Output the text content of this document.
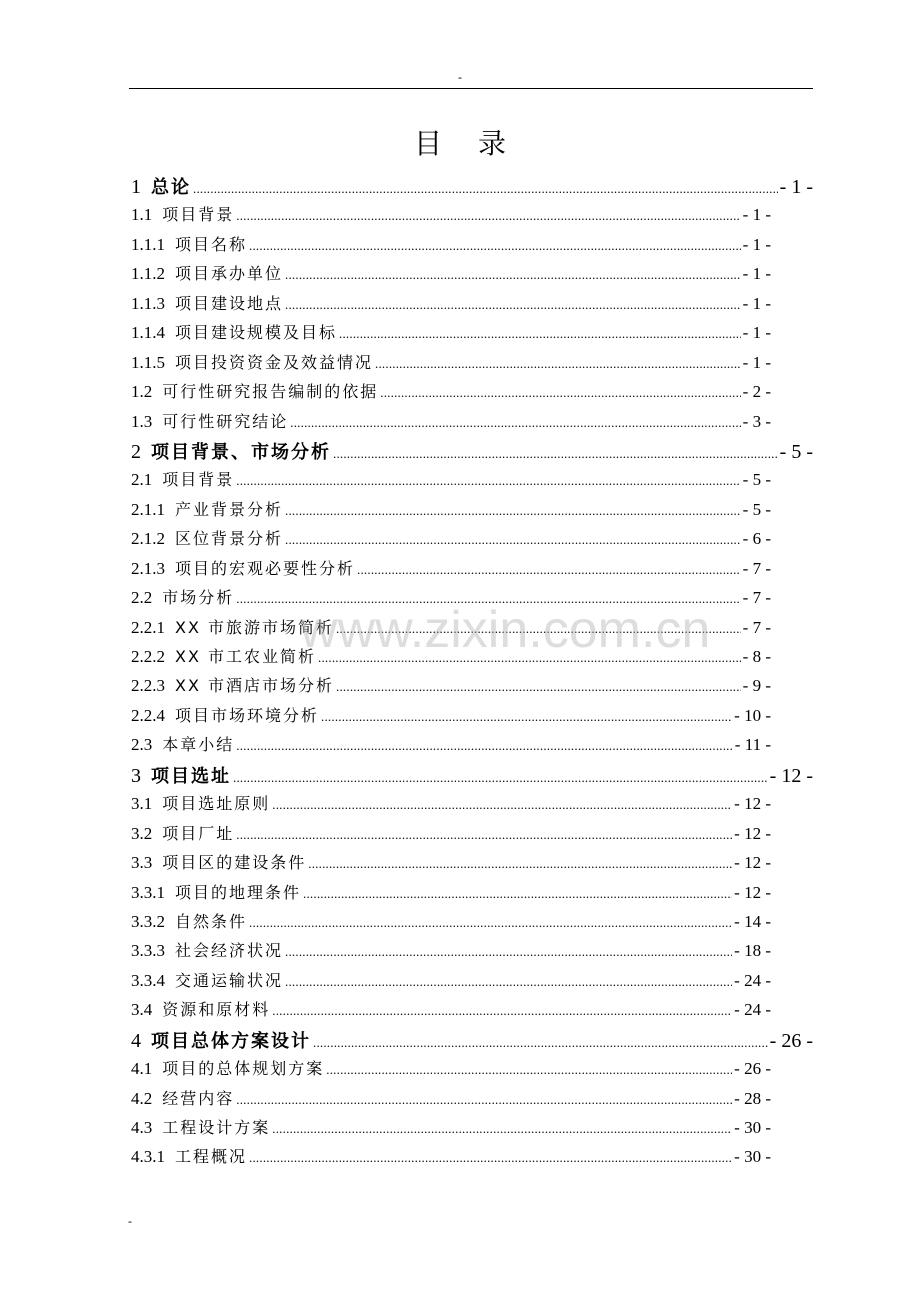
-
目 录
1 总论 .....	- 1 -
1.1 项目背景 .....	- 1 -
1.1.1 项目名称 .....	- 1 -
1.1.2 项目承办单位 .....	- 1 -
1.1.3 项目建设地点 .....	- 1 -
1.1.4 项目建设规模及目标 .....	- 1 -
1.1.5 项目投资资金及效益情况 .....	- 1 -
1.2 可行性研究报告编制的依据 .....	- 2 -
1.3 可行性研究结论 .....	- 3 -
2 项目背景、市场分析 .....	- 5 -
2.1 项目背景 .....	- 5 -
2.1.1 产业背景分析 .....	- 5 -
2.1.2 区位背景分析 .....	- 6 -
2.1.3 项目的宏观必要性分析 .....	- 7 -
2.2 市场分析 .....	- 7 -
2.2.1 XX 市旅游市场简析 .....	- 7 -
2.2.2 XX 市工农业简析 .....	- 8 -
2.2.3 XX 市酒店市场分析 .....	- 9 -
2.2.4 项目市场环境分析 .....	- 10 -
2.3 本章小结 .....	- 11 -
3 项目选址 .....	- 12 -
3.1 项目选址原则 .....	- 12 -
3.2 项目厂址 .....	- 12 -
3.3 项目区的建设条件 .....	- 12 -
3.3.1 项目的地理条件 .....	- 12 -
3.3.2 自然条件 .....	- 14 -
3.3.3 社会经济状况 .....	- 18 -
3.3.4 交通运输状况 .....	- 24 -
3.4 资源和原材料 .....	- 24 -
4 项目总体方案设计 .....	- 26 -
4.1 项目的总体规划方案 .....	- 26 -
4.2 经营内容 .....	- 28 -
4.3 工程设计方案 .....	- 30 -
4.3.1 工程概况 .....	- 30 -
www.zixin.com.cn
-
